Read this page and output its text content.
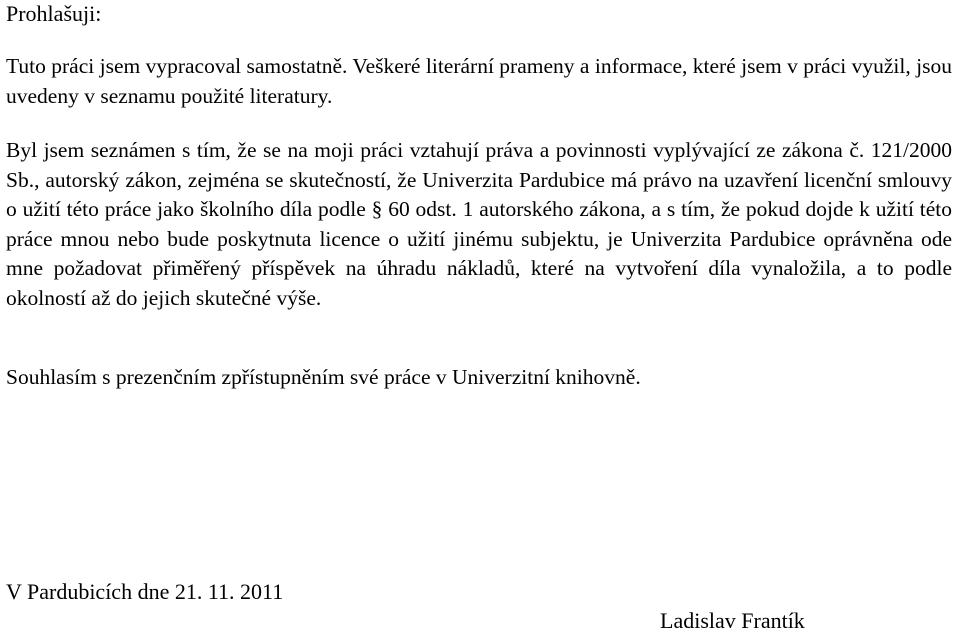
Prohlašuji:

Tuto práci jsem vypracoval samostatně. Veškeré literární prameny a informace, které jsem v práci využil, jsou uvedeny v seznamu použité literatury.

Byl jsem seznámen s tím, že se na moji práci vztahují práva a povinnosti vyplývající ze zákona č. 121/2000 Sb., autorský zákon, zejména se skutečností, že Univerzita Pardubice má právo na uzavření licenční smlouvy o užití této práce jako školního díla podle § 60 odst. 1 autorského zákona, a s tím, že pokud dojde k užití této práce mnou nebo bude poskytnuta licence o užití jinému subjektu, je Univerzita Pardubice oprávněna ode mne požadovat přiměřený příspěvek na úhradu nákladů, které na vytvoření díla vynaložila, a to podle okolností až do jejich skutečné výše.

Souhlasím s prezenčním zpřístupněním své práce v Univerzitní knihovně.

V Pardubicích dne 21. 11. 2011

Ladislav Frantík
